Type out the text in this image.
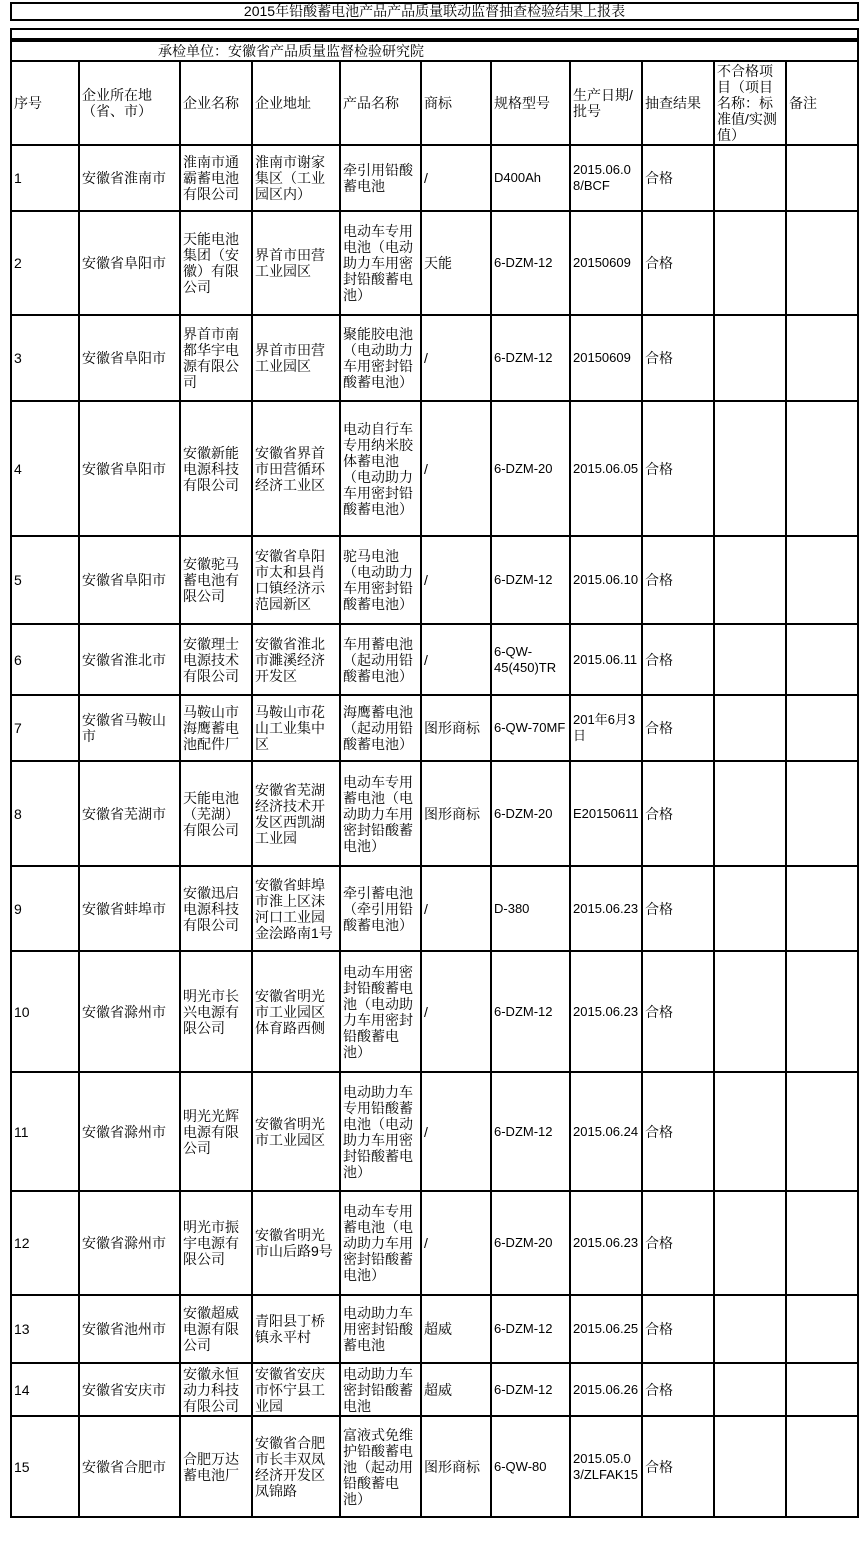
2015年铅酸蓄电池产品产品质量联动监督抽查检验结果上报表
承检单位：安徽省产品质量监督检验研究院										
序号	企业所在地（省、市）	企业名称	企业地址	产品名称	商标	规格型号	生产日期/批号	抽查结果	不合格项目（项目名称：标准值/实测值）	备注
1	安徽省淮南市	淮南市通霸蓄电池有限公司	淮南市谢家集区（工业园区内）	牵引用铅酸蓄电池	/	D400Ah	2015.06.08/BCF	合格		
2	安徽省阜阳市	天能电池集团（安徽）有限公司	界首市田营工业园区	电动车专用电池（电动助力车用密封铅酸蓄电池）	天能	6-DZM-12	20150609	合格		
3	安徽省阜阳市	界首市南都华宇电源有限公司	界首市田营工业园区	聚能胶电池（电动助力车用密封铅酸蓄电池）	/	6-DZM-12	20150609	合格		
4	安徽省阜阳市	安徽新能电源科技有限公司	安徽省界首市田营循环经济工业区	电动自行车专用纳米胶体蓄电池（电动助力车用密封铅酸蓄电池）	/	6-DZM-20	2015.06.05	合格		
5	安徽省阜阳市	安徽驼马蓄电池有限公司	安徽省阜阳市太和县肖口镇经济示范园新区	驼马电池（电动助力车用密封铅酸蓄电池）	/	6-DZM-12	2015.06.10	合格		
6	安徽省淮北市	安徽理士电源技术有限公司	安徽省淮北市濉溪经济开发区	车用蓄电池（起动用铅酸蓄电池）	/	6-QW-45(450)TR	2015.06.11	合格		
7	安徽省马鞍山市	马鞍山市海鹰蓄电池配件厂	马鞍山市花山工业集中区	海鹰蓄电池（起动用铅酸蓄电池）	图形商标	6-QW-70MF	201年6月3日	合格		
8	安徽省芜湖市	天能电池（芜湖）有限公司	安徽省芜湖经济技术开发区西凯湖工业园	电动车专用蓄电池（电动助力车用密封铅酸蓄电池）	图形商标	6-DZM-20	E20150611	合格		
9	安徽省蚌埠市	安徽迅启电源科技有限公司	安徽省蚌埠市淮上区沫河口工业园金浍路南1号	牵引蓄电池（牵引用铅酸蓄电池）	/	D-380	2015.06.23	合格		
10	安徽省滁州市	明光市长兴电源有限公司	安徽省明光市工业园区体育路西侧	电动车用密封铅酸蓄电池（电动助力车用密封铅酸蓄电池）	/	6-DZM-12	2015.06.23	合格		
11	安徽省滁州市	明光光辉电源有限公司	安徽省明光市工业园区	电动助力车专用铅酸蓄电池（电动助力车用密封铅酸蓄电池）	/	6-DZM-12	2015.06.24	合格		
12	安徽省滁州市	明光市振宇电源有限公司	安徽省明光市山后路9号	电动车专用蓄电池（电动助力车用密封铅酸蓄电池）	/	6-DZM-20	2015.06.23	合格		
13	安徽省池州市	安徽超威电源有限公司	青阳县丁桥镇永平村	电动助力车用密封铅酸蓄电池	超威	6-DZM-12	2015.06.25	合格		
14	安徽省安庆市	安徽永恒动力科技有限公司	安徽省安庆市怀宁县工业园	电动助力车密封铅酸蓄电池	超威	6-DZM-12	2015.06.26	合格		
15	安徽省合肥市	合肥万达蓄电池厂	安徽省合肥市长丰双凤经济开发区凤锦路	富液式免维护铅酸蓄电池（起动用铅酸蓄电池）	图形商标	6-QW-80	2015.05.03/ZLFAK15	合格		
